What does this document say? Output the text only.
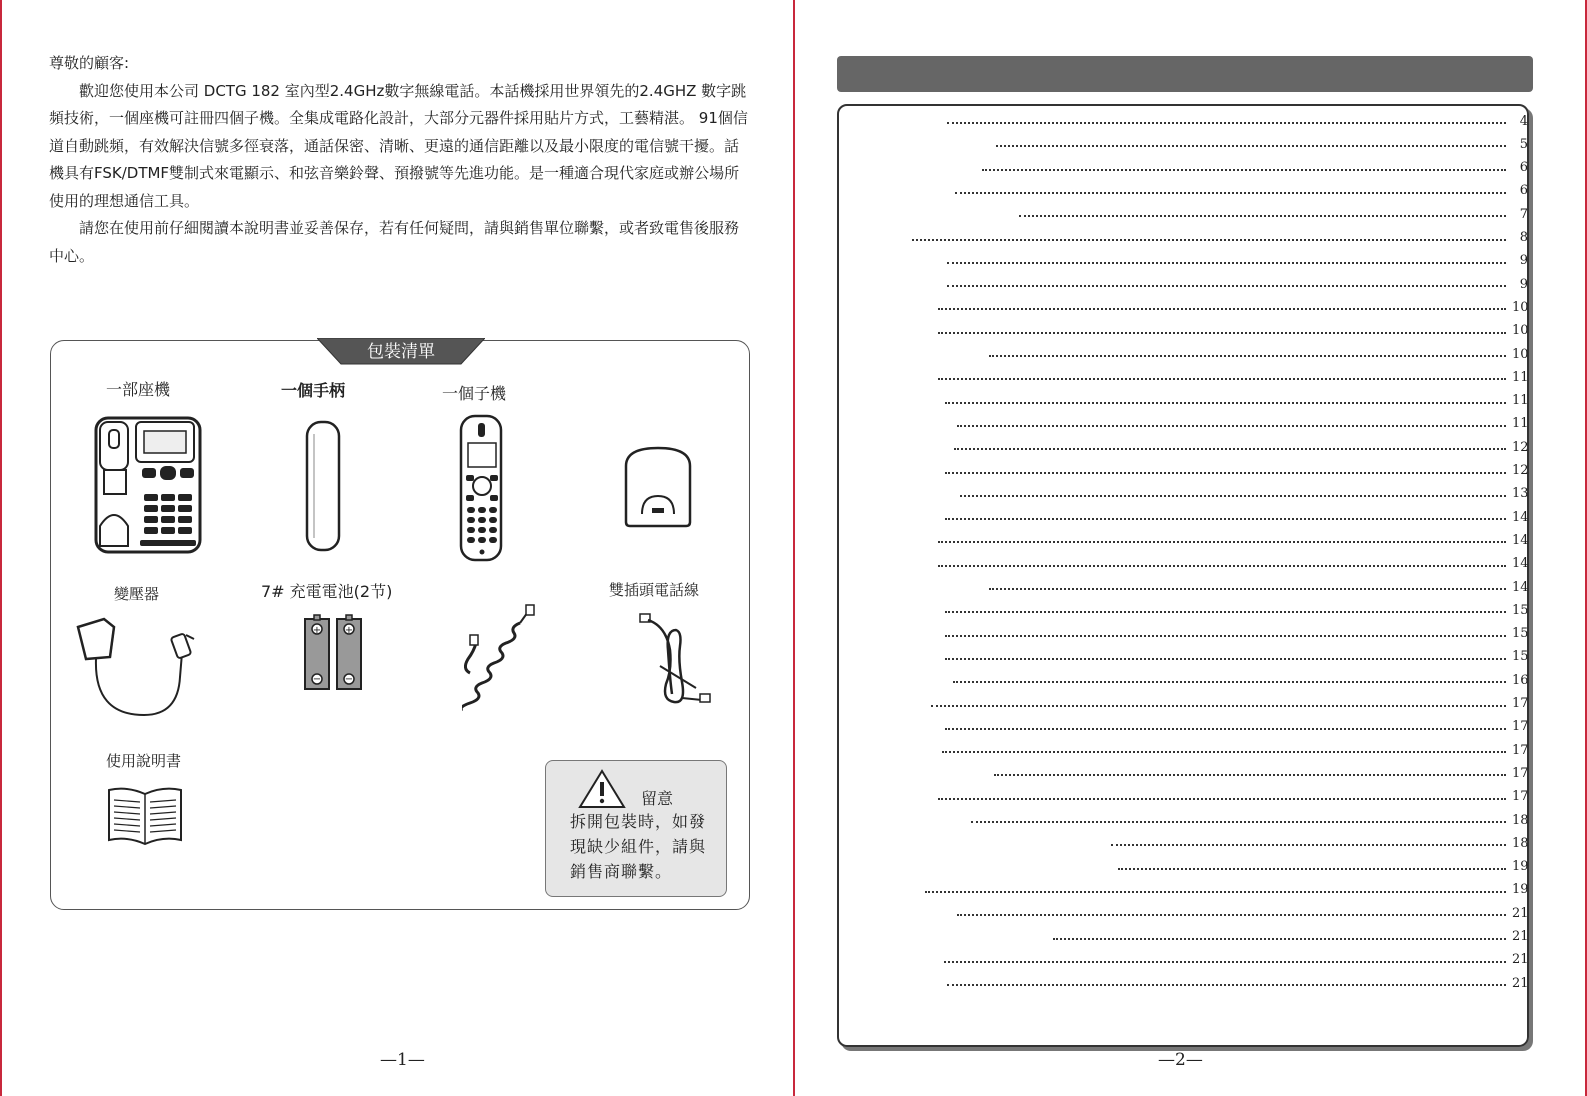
尊敬的顧客:

歡迎您使用本公司 DCTG 182 室內型2.4GHz數字無線電話。本話機採用世界領先的2.4GHZ 數字跳頻技術，一個座機可註冊四個子機。全集成電路化設計，大部分元器件採用貼片方式，工藝精湛。 91個信道自動跳頻，有效解決信號多徑衰落，通話保密、清晰、更遠的通信距離以及最小限度的電信號干擾。話機具有FSK/DTMF雙制式來電顯示、和弦音樂鈴聲、預撥號等先進功能。是一種適合現代家庭或辦公場所使用的理想通信工具。

請您在使用前仔細閱讀本說明書並妥善保存，若有任何疑問，請與銷售單位聯繫，或者致電售後服務中心。

包裝清單
一部座機	一個手柄	一個子機
變壓器	7# 充電電池(2节)	雙插頭電話線
使用說明書
+
−
+
−
留意
拆開包裝時，如發現缺少組件，請與銷售商聯繫。
—1—
4
5
6
6
7
8
9
9
10
10
10
11
11
11
12
12
13
14
14
14
14
15
15
15
16
17
17
17
17
17
18
18
19
19
21
21
21
21
—2—
